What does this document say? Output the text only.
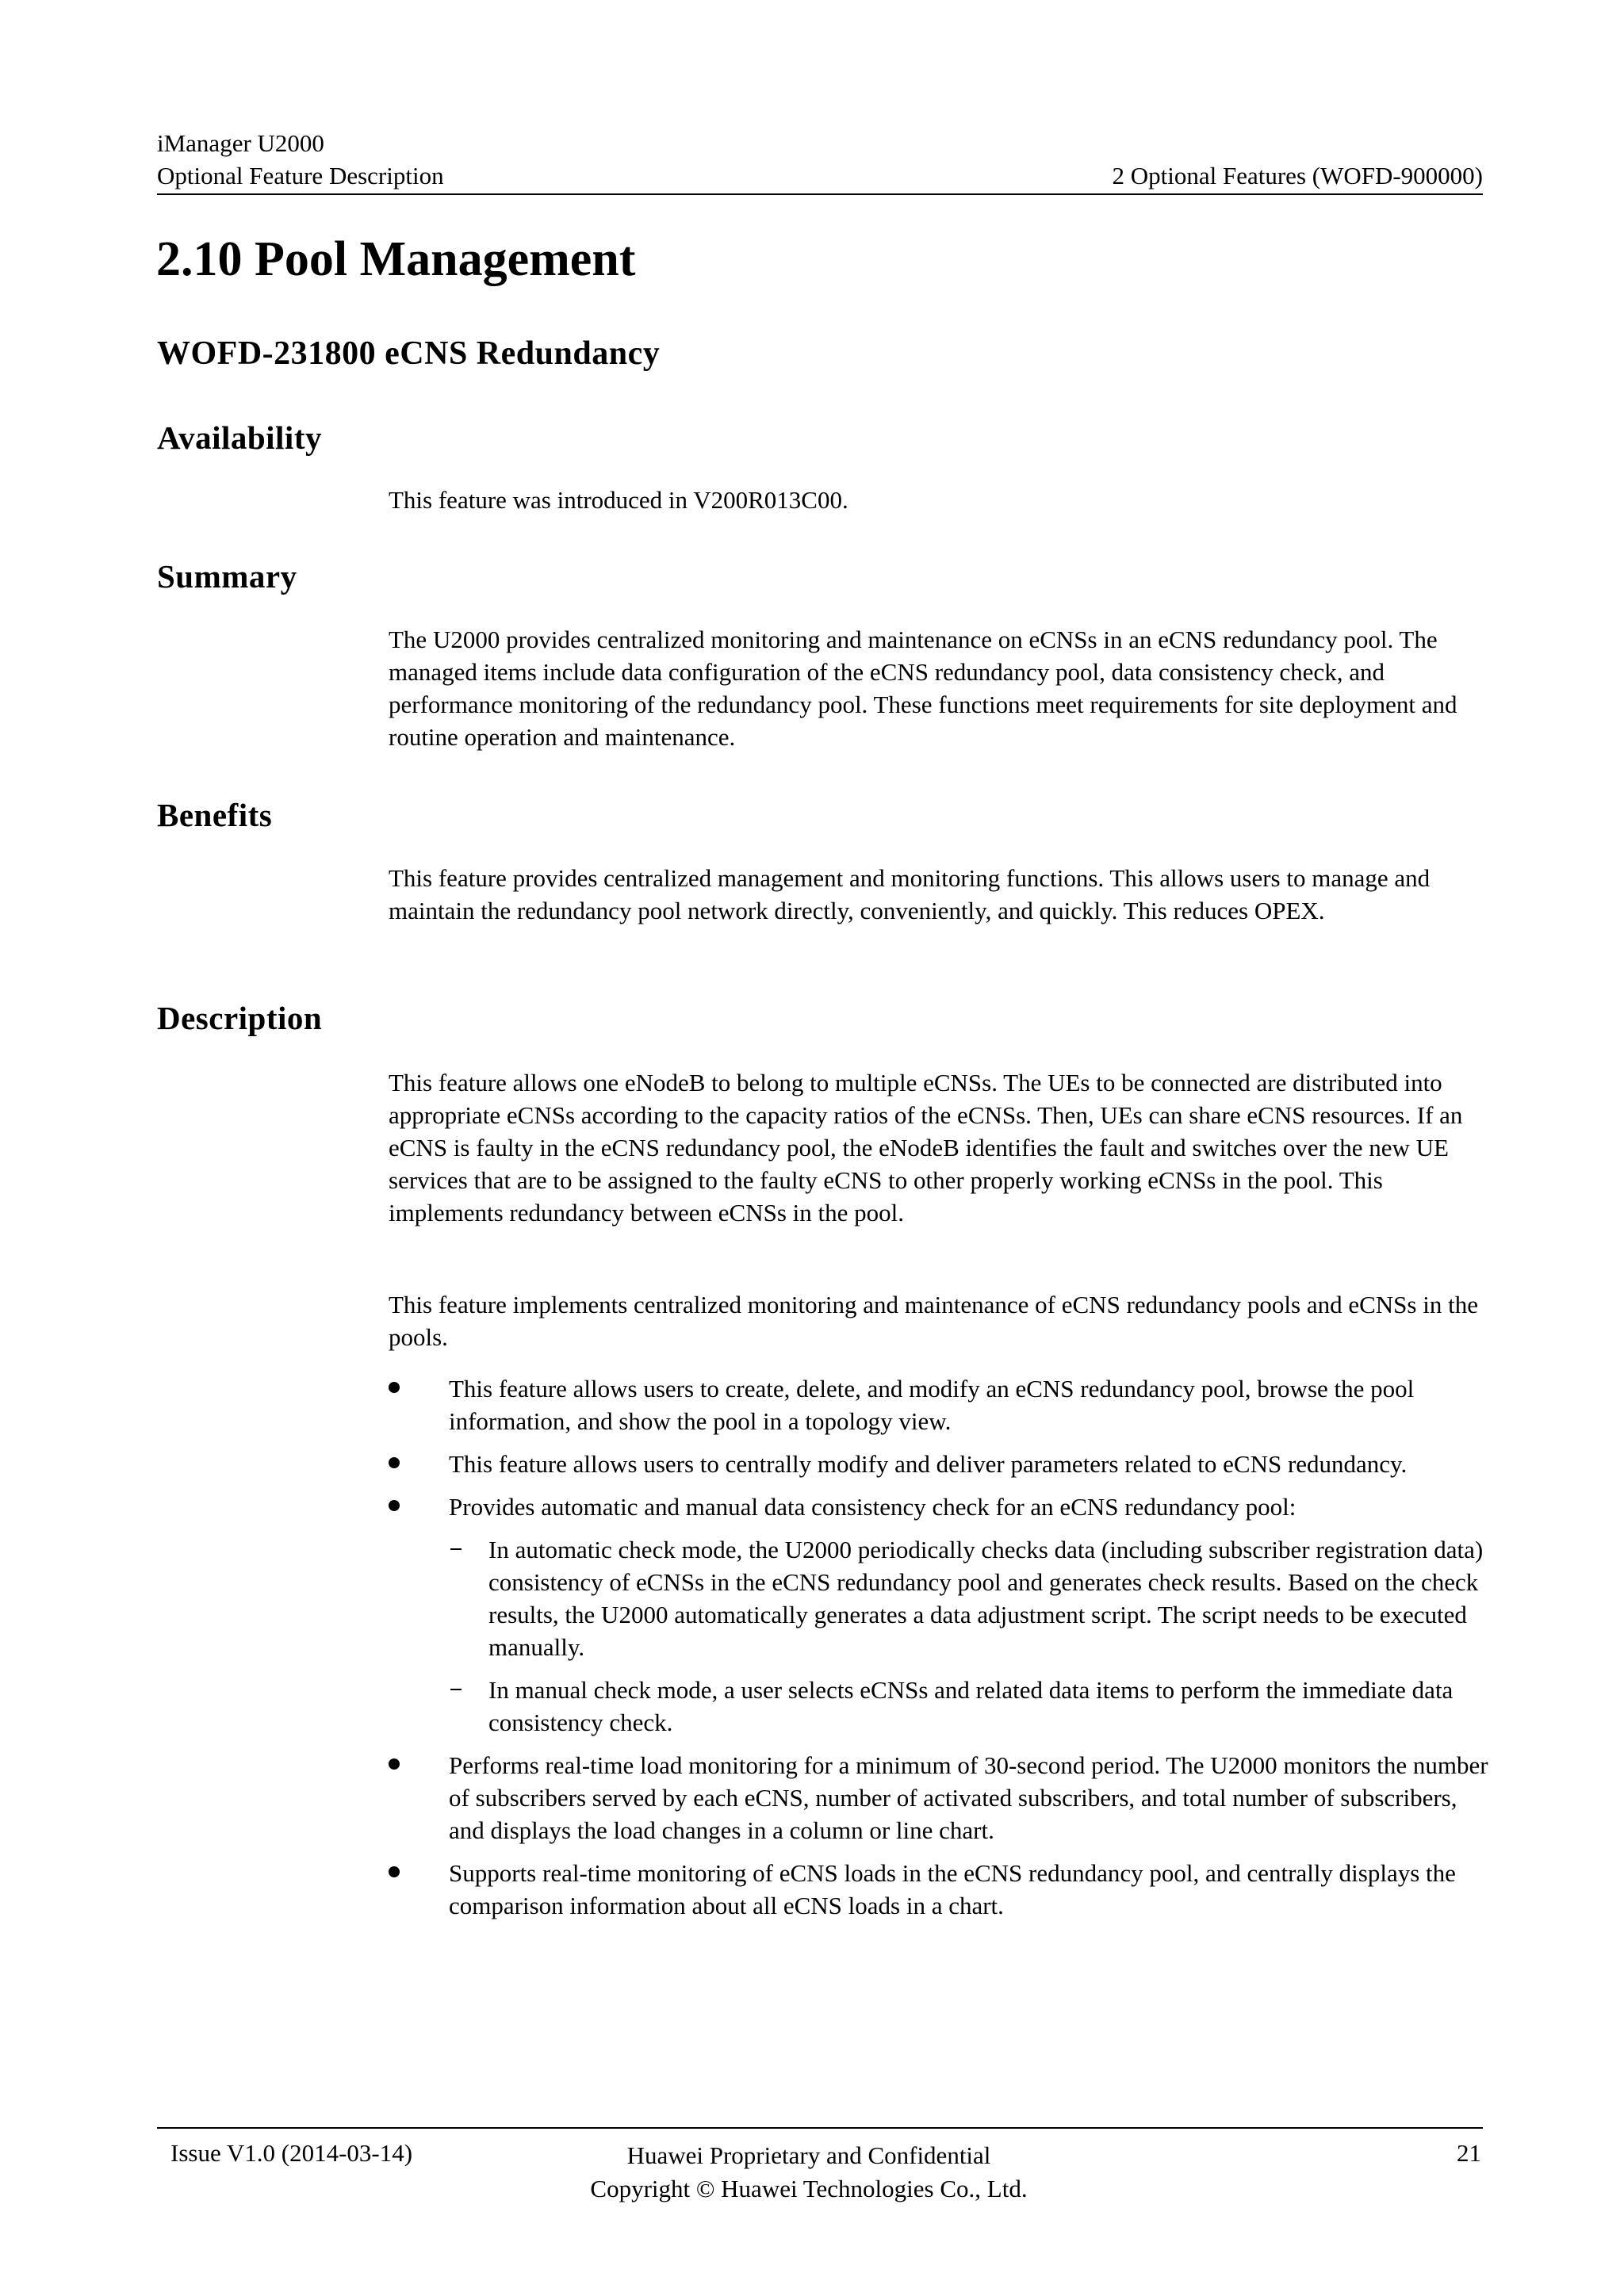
iManager U2000
Optional Feature Description	2 Optional Features (WOFD-900000)
2.10 Pool Management
WOFD-231800 eCNS Redundancy
Availability
This feature was introduced in V200R013C00.
Summary
The U2000 provides centralized monitoring and maintenance on eCNSs in an eCNS redundancy pool. The managed items include data configuration of the eCNS redundancy pool, data consistency check, and performance monitoring of the redundancy pool. These functions meet requirements for site deployment and routine operation and maintenance.
Benefits
This feature provides centralized management and monitoring functions. This allows users to manage and maintain the redundancy pool network directly, conveniently, and quickly. This reduces OPEX.
Description
This feature allows one eNodeB to belong to multiple eCNSs. The UEs to be connected are distributed into appropriate eCNSs according to the capacity ratios of the eCNSs. Then, UEs can share eCNS resources. If an eCNS is faulty in the eCNS redundancy pool, the eNodeB identifies the fault and switches over the new UE services that are to be assigned to the faulty eCNS to other properly working eCNSs in the pool. This implements redundancy between eCNSs in the pool.
This feature implements centralized monitoring and maintenance of eCNS redundancy pools and eCNSs in the pools.
This feature allows users to create, delete, and modify an eCNS redundancy pool, browse the pool information, and show the pool in a topology view.
This feature allows users to centrally modify and deliver parameters related to eCNS redundancy.
Provides automatic and manual data consistency check for an eCNS redundancy pool:
In automatic check mode, the U2000 periodically checks data (including subscriber registration data) consistency of eCNSs in the eCNS redundancy pool and generates check results. Based on the check results, the U2000 automatically generates a data adjustment script. The script needs to be executed manually.
In manual check mode, a user selects eCNSs and related data items to perform the immediate data consistency check.
Performs real-time load monitoring for a minimum of 30-second period. The U2000 monitors the number of subscribers served by each eCNS, number of activated subscribers, and total number of subscribers, and displays the load changes in a column or line chart.
Supports real-time monitoring of eCNS loads in the eCNS redundancy pool, and centrally displays the comparison information about all eCNS loads in a chart.
Issue V1.0 (2014-03-14)	Huawei Proprietary and Confidential
Copyright © Huawei Technologies Co., Ltd.
21
